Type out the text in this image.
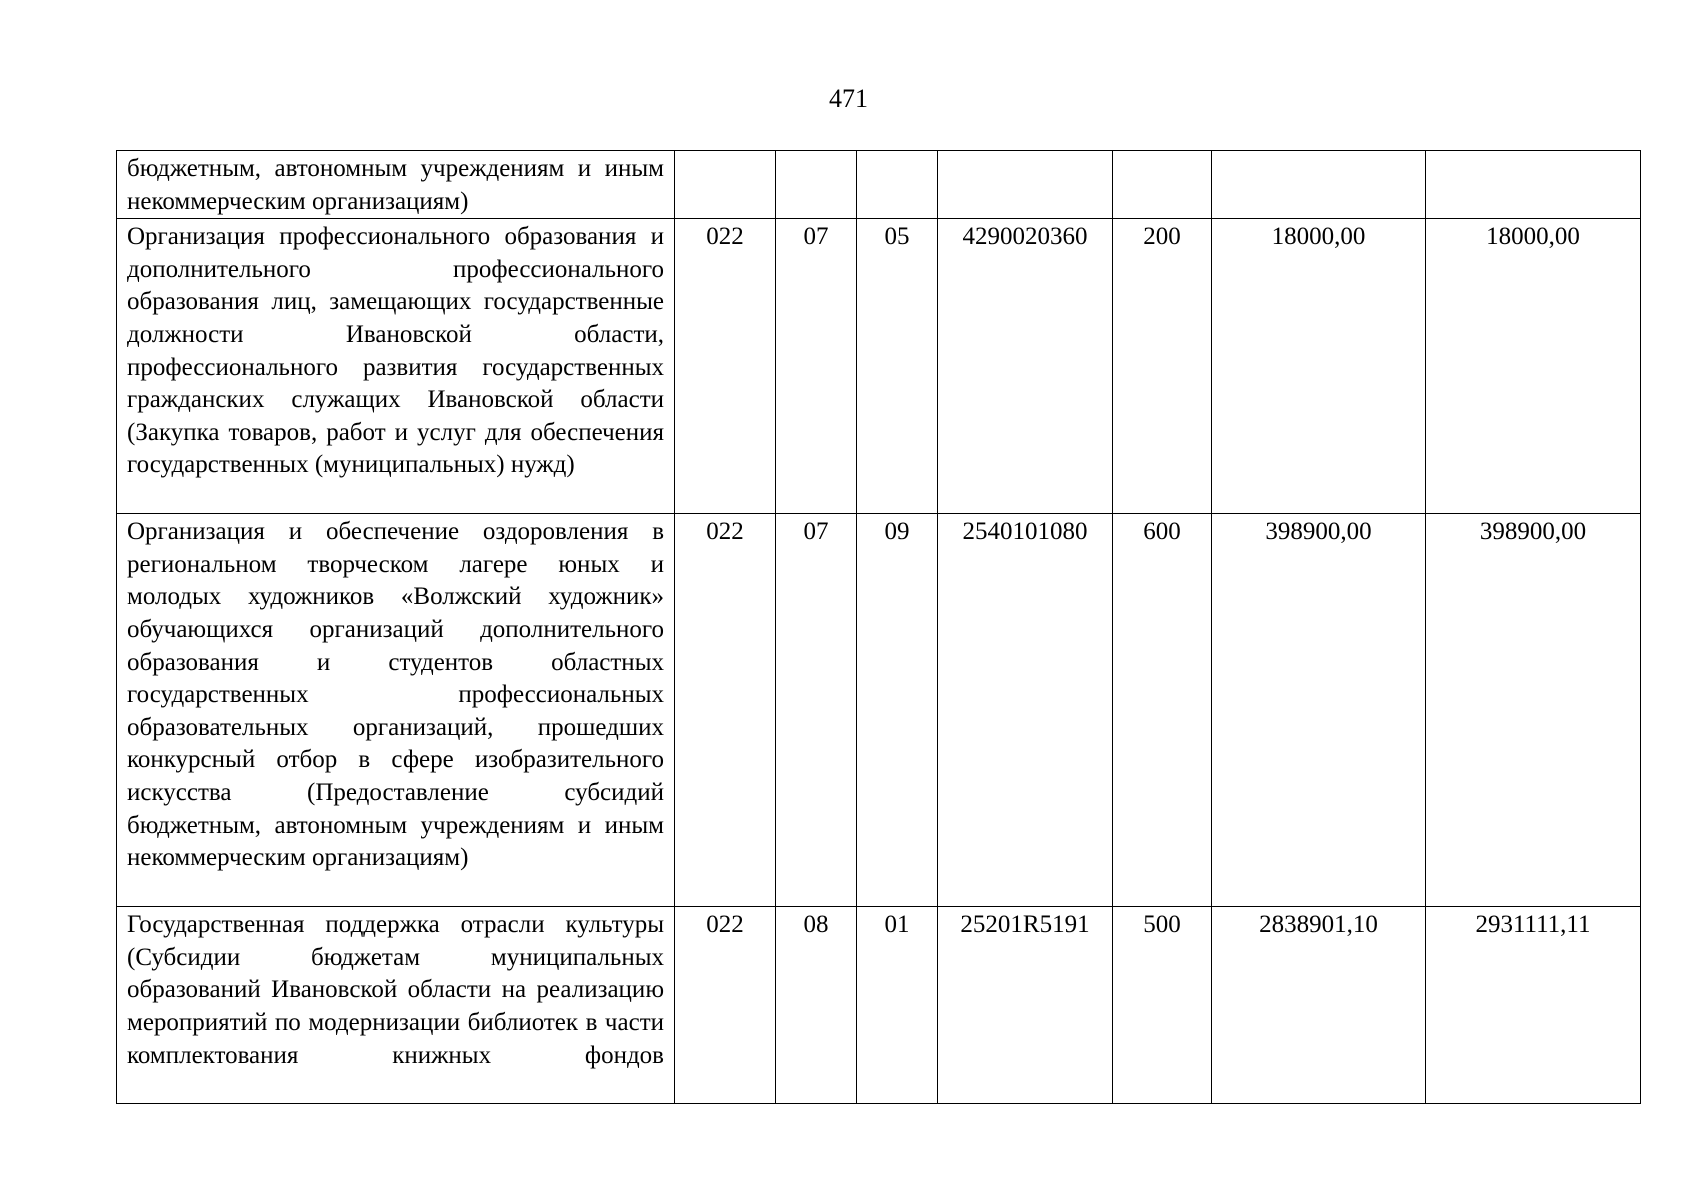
471
бюджетным, автономным учреждениям и иным некоммерческим организациям)							

Организация профессионального образования и дополнительного профессионального образования лиц, замещающих государственные должности Ивановской области, профессионального развития государственных гражданских служащих Ивановской области (Закупка товаров, работ и услуг для обеспечения государственных (муниципальных) нужд)	022	07	05	4290020360	200	18000,00	18000,00

Организация и обеспечение оздоровления в региональном творческом лагере юных и молодых художников «Волжский художник» обучающихся организаций дополнительного образования и студентов областных государственных профессиональных образовательных организаций, прошедших конкурсный отбор в сфере изобразительного искусства (Предоставление субсидий бюджетным, автономным учреждениям и иным некоммерческим организациям)	022	07	09	2540101080	600	398900,00	398900,00

Государственная поддержка отрасли культуры (Субсидии бюджетам муниципальных образований Ивановской области на реализацию мероприятий по модернизации библиотек в части комплектования книжных фондов	022	08	01	25201R5191	500	2838901,10	2931111,11
